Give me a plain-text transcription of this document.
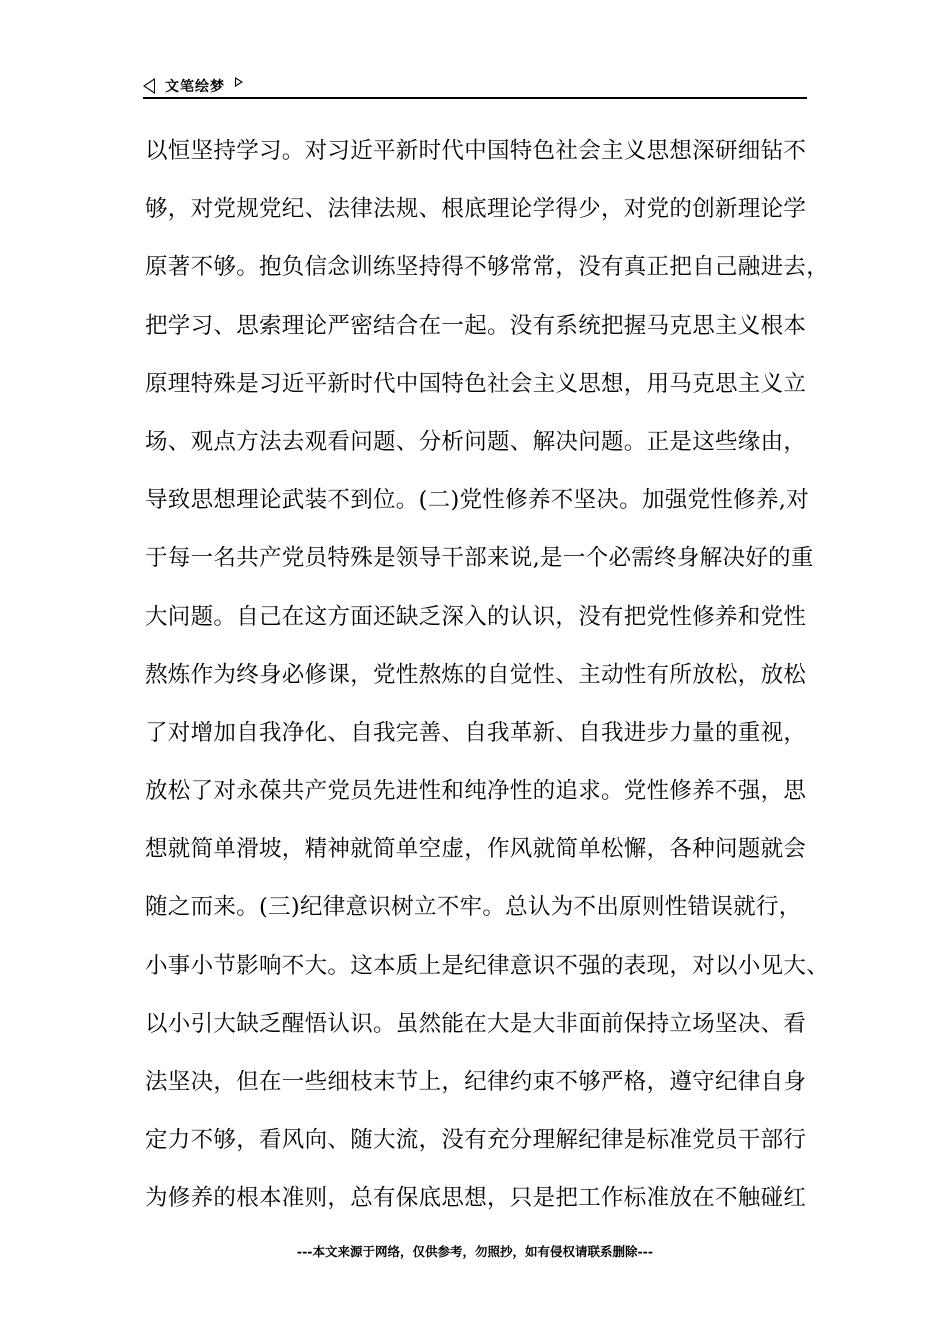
文笔绘梦
以恒坚持学习。对习近平新时代中国特色社会主义思想深研细钻不
够，对党规党纪、法律法规、根底理论学得少，对党的创新理论学
原著不够。抱负信念训练坚持得不够常常，没有真正把自己融进去，
把学习、思索理论严密结合在一起。没有系统把握马克思主义根本
原理特殊是习近平新时代中国特色社会主义思想，用马克思主义立
场、观点方法去观看问题、分析问题、解决问题。正是这些缘由，
导致思想理论武装不到位。(二)党性修养不坚决。加强党性修养,对
于每一名共产党员特殊是领导干部来说,是一个必需终身解决好的重
大问题。自己在这方面还缺乏深入的认识，没有把党性修养和党性
熬炼作为终身必修课，党性熬炼的自觉性、主动性有所放松，放松
了对增加自我净化、自我完善、自我革新、自我进步力量的重视，
放松了对永葆共产党员先进性和纯净性的追求。党性修养不强，思
想就简单滑坡，精神就简单空虚，作风就简单松懈，各种问题就会
随之而来。(三)纪律意识树立不牢。总认为不出原则性错误就行，
小事小节影响不大。这本质上是纪律意识不强的表现，对以小见大、
以小引大缺乏醒悟认识。虽然能在大是大非面前保持立场坚决、看
法坚决，但在一些细枝末节上，纪律约束不够严格，遵守纪律自身
定力不够，看风向、随大流，没有充分理解纪律是标准党员干部行
为修养的根本准则，总有保底思想，只是把工作标准放在不触碰红
---本文来源于网络，仅供参考，勿照抄，如有侵权请联系删除---
